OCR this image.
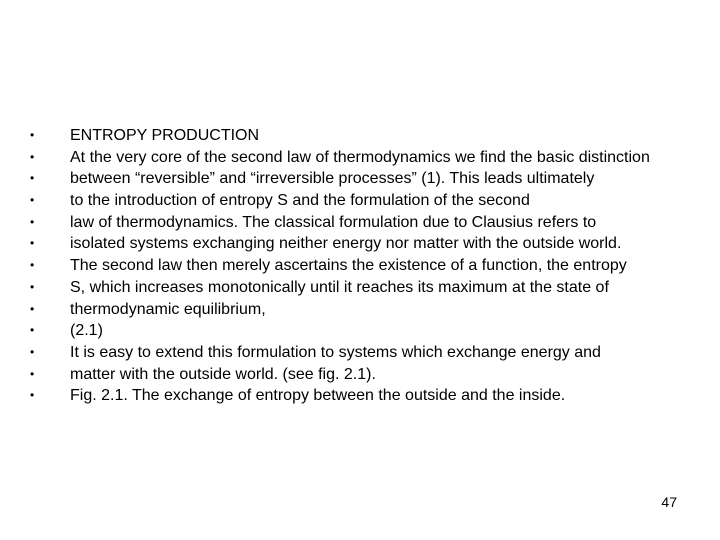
•	ENTROPY PRODUCTION
•	At the very core of the second law of thermodynamics we find the basic distinction
•	between “reversible” and “irreversible processes” (1). This leads ultimately
•	to the introduction of entropy S and the formulation of the second
•	law of thermodynamics. The classical formulation due to Clausius refers to
•	isolated systems exchanging neither energy nor matter with the outside world.
•	The second law then merely ascertains the existence of a function, the entropy
•	S, which increases monotonically until it reaches its maximum at the state of
•	thermodynamic equilibrium,
•	(2.1)
•	It is easy to extend this formulation to systems which exchange energy and
•	matter with the outside world. (see fig. 2.1).
•	Fig. 2.1. The exchange of entropy between the outside and the inside.
47
